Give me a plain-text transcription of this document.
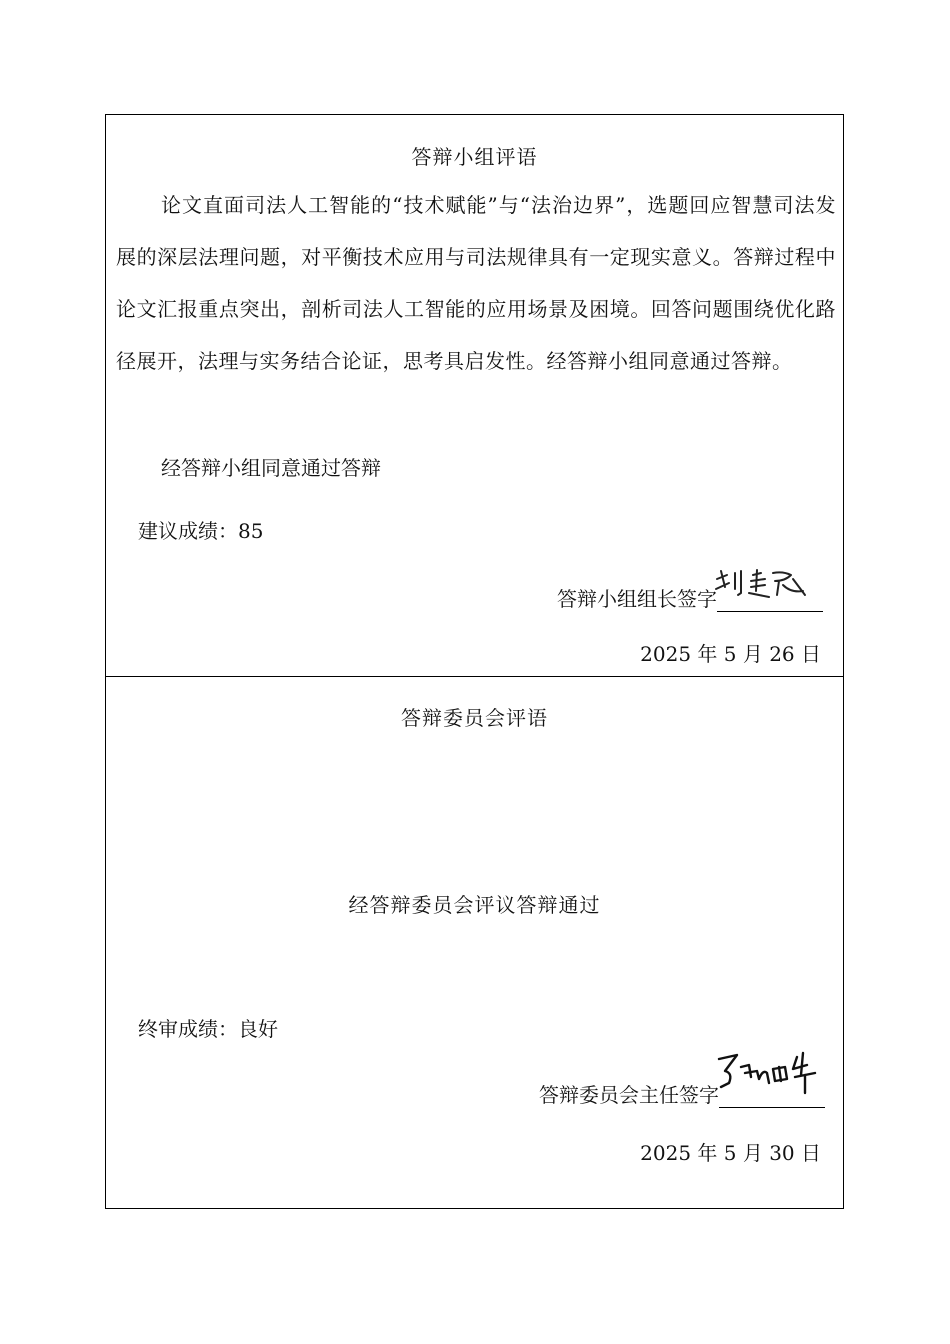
答辩小组评语

论文直面司法人工智能的“技术赋能”与“法治边界”，选题回应智慧司法发展的深层法理问题，对平衡技术应用与司法规律具有一定现实意义。答辩过程中论文汇报重点突出，剖析司法人工智能的应用场景及困境。回答问题围绕优化路径展开，法理与实务结合论证，思考具启发性。经答辩小组同意通过答辩。

经答辩小组同意通过答辩
建议成绩：85
答辩小组组长签字
2025 年 5 月 26 日
答辩委员会评语
经答辩委员会评议答辩通过
终审成绩：良好
答辩委员会主任签字
2025 年 5 月 30 日
